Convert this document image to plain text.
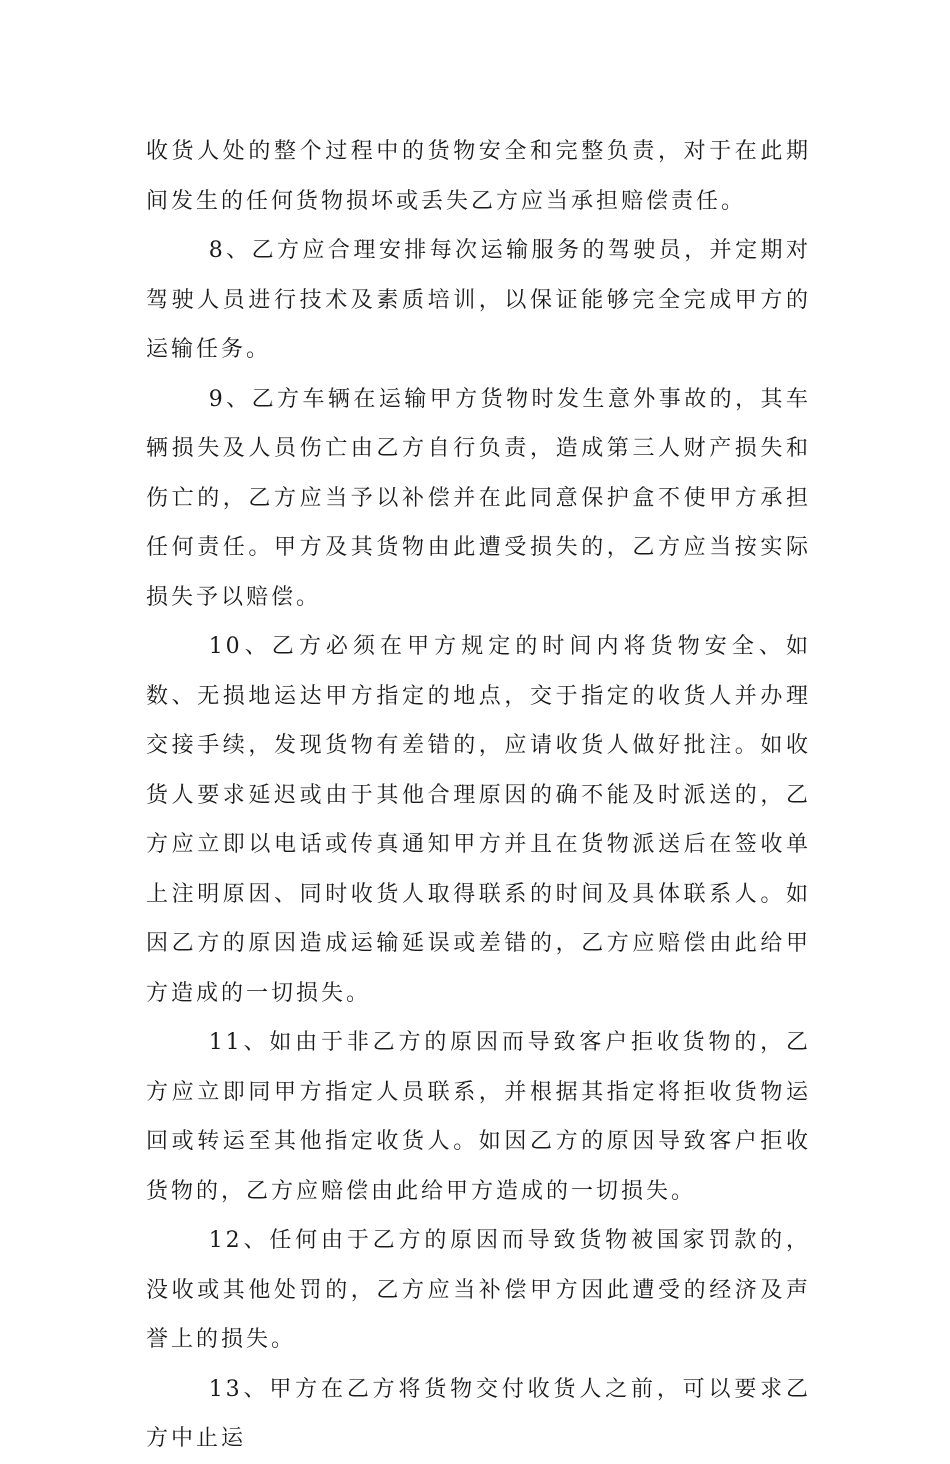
收货人处的整个过程中的货物安全和完整负责，对于在此期间发生的任何货物损坏或丢失乙方应当承担赔偿责任。

8、乙方应合理安排每次运输服务的驾驶员，并定期对驾驶人员进行技术及素质培训，以保证能够完全完成甲方的运输任务。

9、乙方车辆在运输甲方货物时发生意外事故的，其车辆损失及人员伤亡由乙方自行负责，造成第三人财产损失和伤亡的，乙方应当予以补偿并在此同意保护盒不使甲方承担任何责任。甲方及其货物由此遭受损失的，乙方应当按实际损失予以赔偿。

10、乙方必须在甲方规定的时间内将货物安全、如数、无损地运达甲方指定的地点，交于指定的收货人并办理交接手续，发现货物有差错的，应请收货人做好批注。如收货人要求延迟或由于其他合理原因的确不能及时派送的，乙方应立即以电话或传真通知甲方并且在货物派送后在签收单上注明原因、同时收货人取得联系的时间及具体联系人。如因乙方的原因造成运输延误或差错的，乙方应赔偿由此给甲方造成的一切损失。

11、如由于非乙方的原因而导致客户拒收货物的，乙方应立即同甲方指定人员联系，并根据其指定将拒收货物运回或转运至其他指定收货人。如因乙方的原因导致客户拒收货物的，乙方应赔偿由此给甲方造成的一切损失。

12、任何由于乙方的原因而导致货物被国家罚款的，没收或其他处罚的，乙方应当补偿甲方因此遭受的经济及声誉上的损失。

13、甲方在乙方将货物交付收货人之前，可以要求乙方中止运
